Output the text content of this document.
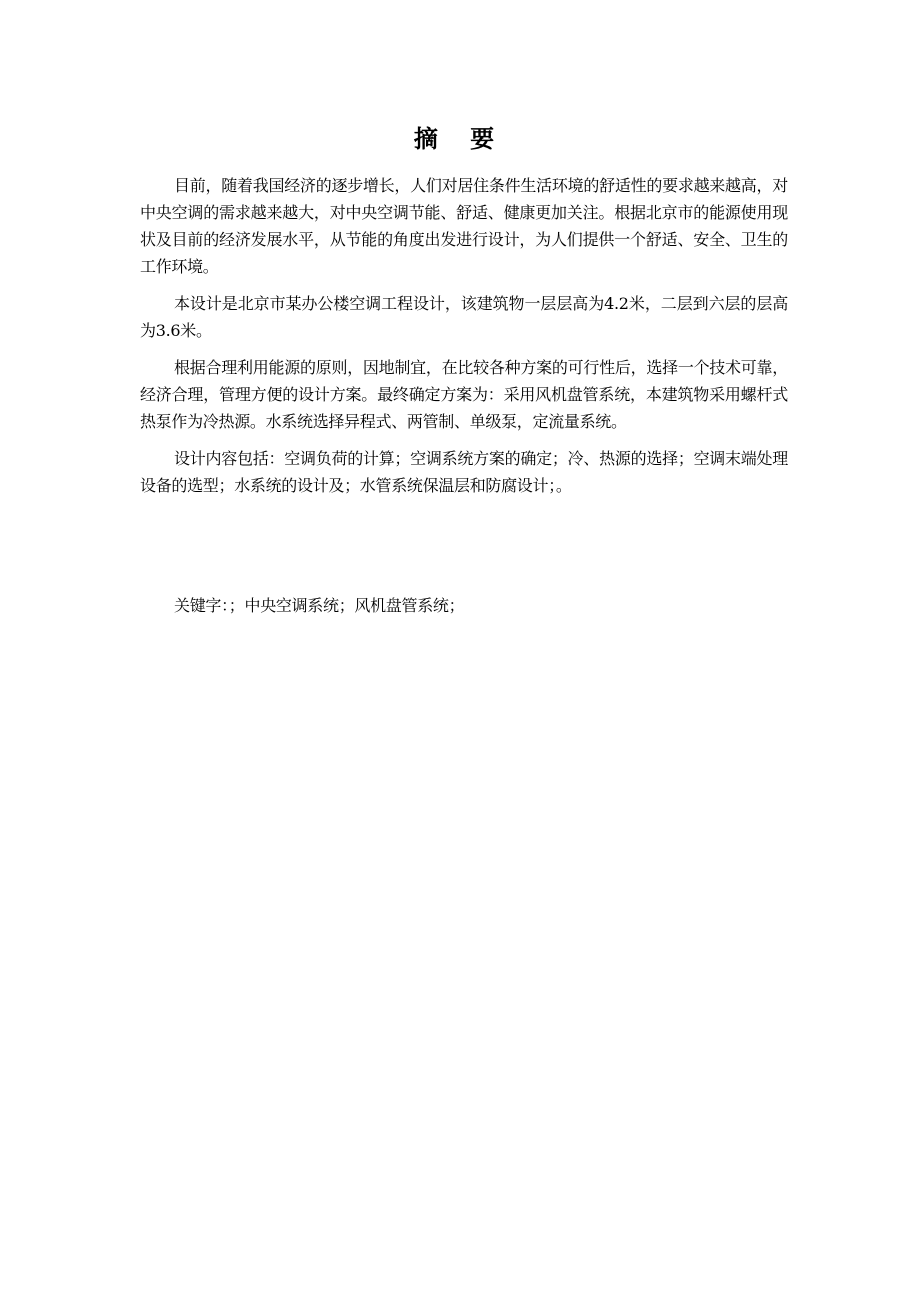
摘 要

目前，随着我国经济的逐步增长，人们对居住条件生活环境的舒适性的要求越来越高，对中央空调的需求越来越大，对中央空调节能、舒适、健康更加关注。根据北京市的能源使用现状及目前的经济发展水平，从节能的角度出发进行设计，为人们提供一个舒适、安全、卫生的工作环境。

本设计是北京市某办公楼空调工程设计，该建筑物一层层高为4.2米，二层到六层的层高为3.6米。

根据合理利用能源的原则，因地制宜，在比较各种方案的可行性后，选择一个技术可靠，经济合理，管理方便的设计方案。最终确定方案为：采用风机盘管系统，本建筑物采用螺杆式热泵作为冷热源。水系统选择异程式、两管制、单级泵，定流量系统。

设计内容包括：空调负荷的计算；空调系统方案的确定；冷、热源的选择；空调末端处理设备的选型；水系统的设计及；水管系统保温层和防腐设计；。

关键字：；中央空调系统；风机盘管系统；
